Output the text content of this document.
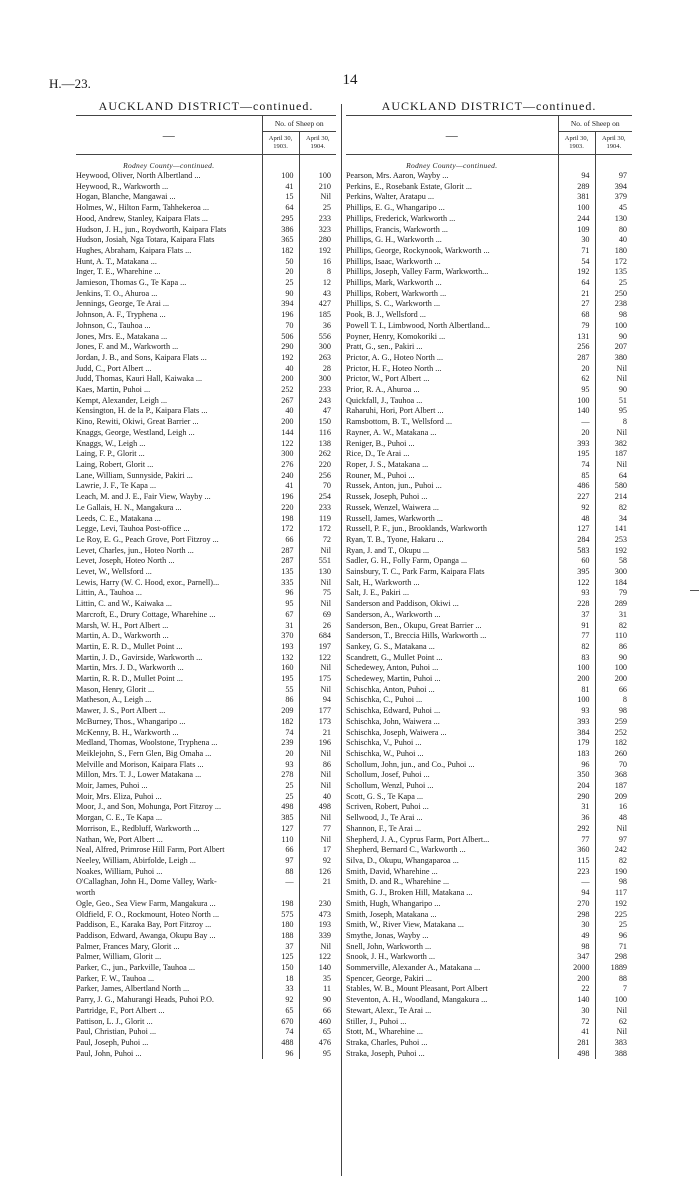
H.—23.	14
AUCKLAND DISTRICT—continued.
—	No. of Sheep on	
	April 30, 1903.	April 30, 1904.
Rodney County—continued.		
Heywood, Oliver, North Albertland ...	100	100
Heywood, R., Warkworth ...	41	210
Hogan, Blanche, Mangawai ...	15	Nil
Holmes, W., Hilton Farm, Tahhekeroa ...	64	25
Hood, Andrew, Stanley, Kaipara Flats ...	295	233
Hudson, J. H., jun., Roydworth, Kaipara Flats	386	323
Hudson, Josiah, Nga Totara, Kaipara Flats	365	280
Hughes, Abraham, Kaipara Flats ...	182	192
Hunt, A. T., Matakana ...	50	16
Inger, T. E., Wharehine ...	20	8
Jamieson, Thomas G., Te Kapa ...	25	12
Jenkins, T. O., Ahuroa ...	90	43
Jennings, George, Te Arai ...	394	427
Johnson, A. F., Tryphena ...	196	185
Johnson, C., Tauhoa ...	70	36
Jones, Mrs. E., Matakana ...	506	556
Jones, F. and M., Warkworth ...	290	300
Jordan, J. B., and Sons, Kaipara Flats ...	192	263
Judd, C., Port Albert ...	40	28
Judd, Thomas, Kauri Hall, Kaiwaka ...	200	300
Kaes, Martin, Puhoi ...	252	233
Kempt, Alexander, Leigh ...	267	243
Kensington, H. de la P., Kaipara Flats ...	40	47
Kino, Rewiti, Okiwi, Great Barrier ...	200	150
Knaggs, George, Westland, Leigh ...	144	116
Knaggs, W., Leigh ...	122	138
Laing, F. P., Glorit ...	300	262
Laing, Robert, Glorit ...	276	220
Lane, William, Sunnyside, Pakiri ...	240	256
Lawrie, J. F., Te Kapa ...	41	70
Leach, M. and J. E., Fair View, Wayby ...	196	254
Le Gallais, H. N., Mangakura ...	220	233
Leeds, C. E., Matakana ...	198	119
Legge, Levi, Tauhoa Post-office ...	172	172
Le Roy, E. G., Peach Grove, Port Fitzroy ...	66	72
Levet, Charles, jun., Hoteo North ...	287	Nil
Levet, Joseph, Hoteo North ...	287	551
Levet, W., Wellsford ...	135	130
Lewis, Harry (W. C. Hood, exor., Parnell)...	335	Nil
Littin, A., Tauhoa ...	96	75
Littin, C. and W., Kaiwaka ...	95	Nil
Marcroft, E., Drury Cottage, Wharehine ...	67	69
Marsh, W. H., Port Albert ...	31	26
Martin, A. D., Warkworth ...	370	684
Martin, E. R. D., Mullet Point ...	193	197
Martin, J. D., Gavirside, Warkworth ...	132	122
Martin, Mrs. J. D., Warkworth ...	160	Nil
Martin, R. R. D., Mullet Point ...	195	175
Mason, Henry, Glorit ...	55	Nil
Matheson, A., Leigh ...	86	94
Mawer, J. S., Port Albert ...	209	177
McBurney, Thos., Whangaripo ...	182	173
McKenny, B. H., Warkworth ...	74	21
Medland, Thomas, Woolstone, Tryphena ...	239	196
Meiklejohn, S., Fern Glen, Big Omaha ...	20	Nil
Melville and Morison, Kaipara Flats ...	93	86
Millon, Mrs. T. J., Lower Matakana ...	278	Nil
Moir, James, Puhoi ...	25	Nil
Moir, Mrs. Eliza, Puhoi ...	25	40
Moor, J., and Son, Mohunga, Port Fitzroy ...	498	498
Morgan, C. E., Te Kapa ...	385	Nil
Morrison, E., Redbluff, Warkworth ...	127	77
Nathan, We, Port Albert ...	110	Nil
Neal, Alfred, Primrose Hill Farm, Port Albert	66	17
Neeley, William, Abirfolde, Leigh ...	97	92
Noakes, William, Puhoi ...	88	126
O'Callaghan, John H., Dome Valley, Wark-	—	21
worth		
Ogle, Geo., Sea View Farm, Mangakura ...	198	230
Oldfield, F. O., Rockmount, Hoteo North ...	575	473
Paddison, E., Karaka Bay, Port Fitzroy ...	180	193
Paddison, Edward, Awanga, Okupu Bay ...	188	339
Palmer, Frances Mary, Glorit ...	37	Nil
Palmer, William, Glorit ...	125	122
Parker, C., jun., Parkville, Tauhoa ...	150	140
Parker, F. W., Tauhoa ...	18	35
Parker, James, Albertland North ...	33	11
Parry, J. G., Mahurangi Heads, Puhoi P.O.	92	90
Partridge, F., Port Albert ...	65	66
Pattison, L. J., Glorit ...	670	460
Paul, Christian, Puhoi ...	74	65
Paul, Joseph, Puhoi ...	488	476
Paul, John, Puhoi ...	96	95
AUCKLAND DISTRICT—continued.
—	No. of Sheep on	
	April 30, 1903.	April 30, 1904.
Rodney County—continued.		
Pearson, Mrs. Aaron, Wayby ...	94	97
Perkins, E., Rosebank Estate, Glorit ...	289	394
Perkins, Walter, Aratapu ...	381	379
Phillips, E. G., Whangaripo ...	100	45
Phillips, Frederick, Warkworth ...	244	130
Phillips, Francis, Warkworth ...	109	80
Phillips, G. H., Warkworth ...	30	40
Phillips, George, Rockynook, Warkworth ...	71	180
Phillips, Isaac, Warkworth ...	54	172
Phillips, Joseph, Valley Farm, Warkworth...	192	135
Phillips, Mark, Warkworth ...	64	25
Phillips, Robert, Warkworth ...	21	250
Phillips, S. C., Warkworth ...	27	238
Pook, B. J., Wellsford ...	68	98
Powell T. I., Limbwood, North Albertland...	79	100
Poyner, Henry, Komokoriki ...	131	90
Pratt, G., sen., Pakiri ...	256	207
Prictor, A. G., Hoteo North ...	287	380
Prictor, H. F., Hoteo North ...	20	Nil
Prictor, W., Port Albert ...	62	Nil
Prior, R. A., Ahuroa ...	95	90
Quickfall, J., Tauhoa ...	100	51
Raharuhi, Hori, Port Albert ...	140	95
Ramsbottom, B. T., Wellsford ...	—	8
Rayner, A. W., Matakana ...	20	Nil
Reniger, B., Puhoi ...	393	382
Rice, D., Te Arai ...	195	187
Roper, J. S., Matakana ...	74	Nil
Rouner, M., Puhoi ...	85	64
Russek, Anton, jun., Puhoi ...	486	580
Russek, Joseph, Puhoi ...	227	214
Russek, Wenzel, Waiwera ...	92	82
Russell, James, Warkworth ...	48	34
Russell, P. F., jun., Brooklands, Warkworth	127	141
Ryan, T. B., Tyone, Hakaru ...	284	253
Ryan, J. and T., Okupu ...	583	192
Sadler, G. H., Folly Farm, Opanga ...	60	58
Sainsbury, T. C., Park Farm, Kaipara Flats	395	300
Salt, H., Warkworth ...	122	184
Salt, J. E., Pakiri ...	93	79
Sanderson and Paddison, Okiwi ...	228	289
Sanderson, A., Warkworth ...	37	31
Sanderson, Ben., Okupu, Great Barrier ...	91	82
Sanderson, T., Breccia Hills, Warkworth ...	77	110
Sankey, G. S., Matakana ...	82	86
Scandrett, G., Mullet Point ...	83	90
Schedewey, Anton, Puhoi ...	100	100
Schedewey, Martin, Puhoi ...	200	200
Schischka, Anton, Puhoi ...	81	66
Schischka, C., Puhoi ...	100	8
Schischka, Edward, Puhoi ...	93	98
Schischka, John, Waiwera ...	393	259
Schischka, Joseph, Waiwera ...	384	252
Schischka, V., Puhoi ...	179	182
Schischka, W., Puhoi ...	183	260
Schollum, John, jun., and Co., Puhoi ...	96	70
Schollum, Josef, Puhoi ...	350	368
Schollum, Wenzl, Puhoi ...	204	187
Scott, G. S., Te Kapa ...	290	209
Scriven, Robert, Puhoi ...	31	16
Sellwood, J., Te Arai ...	36	48
Shannon, F., Te Arai ...	292	Nil
Shepherd, J. A., Cyprus Farm, Port Albert...	77	97
Shepherd, Bernard C., Warkworth ...	360	242
Silva, D., Okupu, Whangaparoa ...	115	82
Smith, David, Wharehine ...	223	190
Smith, D. and R., Wharehine ...	—	98
Smith, G. J., Broken Hill, Matakana ...	94	117
Smith, Hugh, Whangaripo ...	270	192
Smith, Joseph, Matakana ...	298	225
Smith, W., River View, Matakana ...	30	25
Smythe, Jonas, Wayby ...	49	96
Snell, John, Warkworth ...	98	71
Snook, J. H., Warkworth ...	347	298
Sommerville, Alexander A., Matakana ...	2000	1889
Spencer, George, Pakiri ...	200	88
Stables, W. B., Mount Pleasant, Port Albert	22	7
Steventon, A. H., Woodland, Mangakura ...	140	100
Stewart, Alexr., Te Arai ...	30	Nil
Stiller, J., Puhoi ...	72	62
Stott, M., Wharehine ...	41	Nil
Straka, Charles, Puhoi ...	281	383
Straka, Joseph, Puhoi ...	498	388
